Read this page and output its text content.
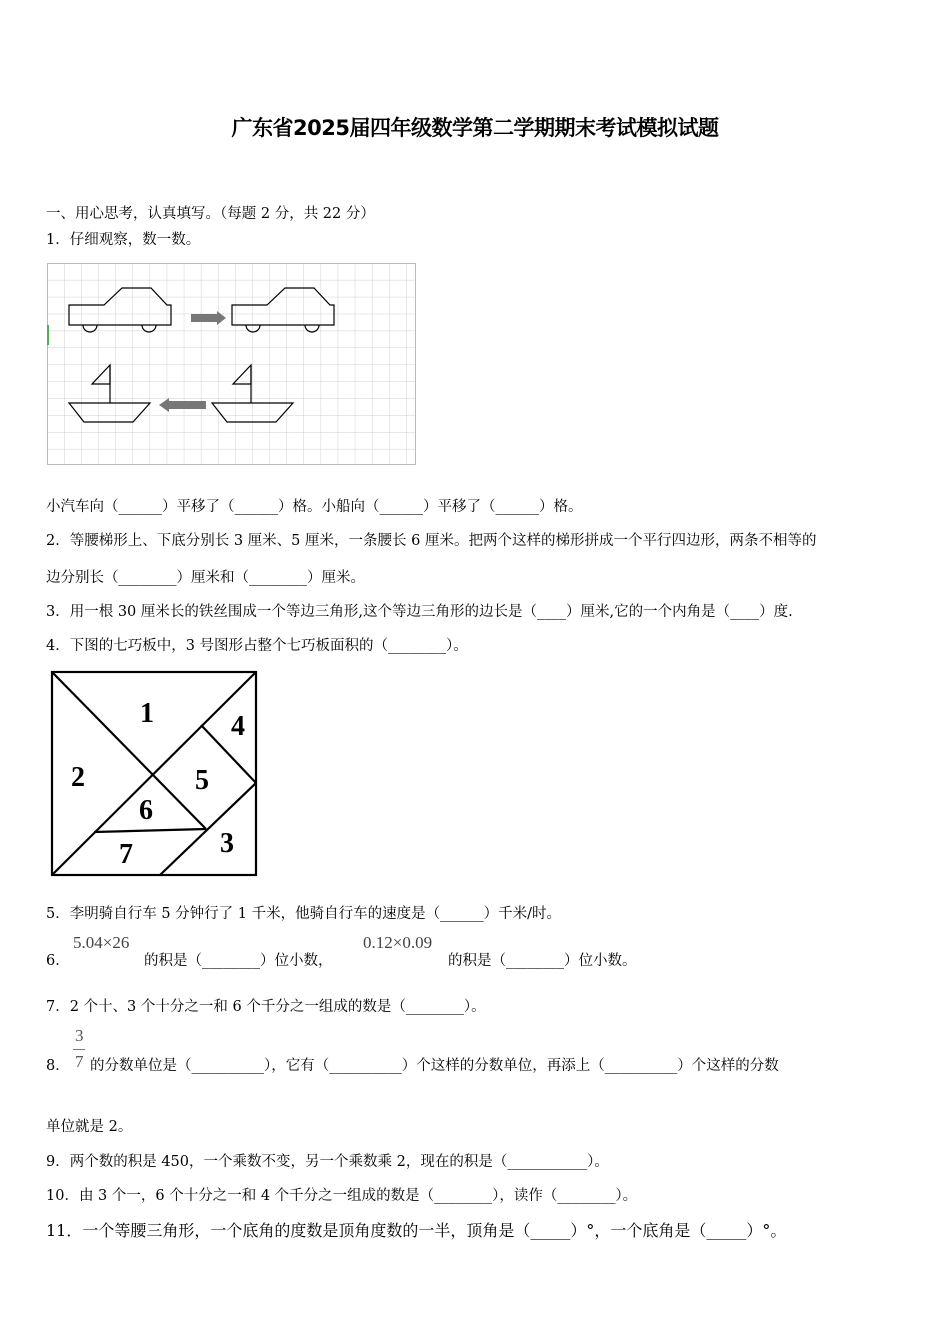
广东省2025届四年级数学第二学期期末考试模拟试题
一、用心思考，认真填写。（每题 2 分，共 22 分）
1．仔细观察，数一数。
小汽车向（______）平移了（______）格。小船向（______）平移了（______）格。
2．等腰梯形上、下底分别长 3 厘米、5 厘米，一条腰长 6 厘米。把两个这样的梯形拼成一个平行四边形，两条不相等的
边分别长（________）厘米和（________）厘米。
3．用一根 30 厘米长的铁丝围成一个等边三角形,这个等边三角形的边长是（____）厘米,它的一个内角是（____）度.
4．下图的七巧板中，3 号图形占整个七巧板面积的（________）。
1
2
3
4
5
6
7
5．李明骑自行车 5 分钟行了 1 千米，他骑自行车的速度是（______）千米/时。
6．
5.04×26
的积是（________）位小数，
0.12×0.09
的积是（________）位小数。
7．2 个十、3 个十分之一和 6 个千分之一组成的数是（________）。
8．
3
7 的分数单位是（__________），它有（__________）个这样的分数单位，再添上（__________）个这样的分数
单位就是 2。
9．两个数的积是 450，一个乘数不变，另一个乘数乘 2，现在的积是（___________）。
10．由 3 个一，6 个十分之一和 4 个千分之一组成的数是（________），读作（________）。
11．一个等腰三角形，一个底角的度数是顶角度数的一半，顶角是（_____）°，一个底角是（_____）°。
